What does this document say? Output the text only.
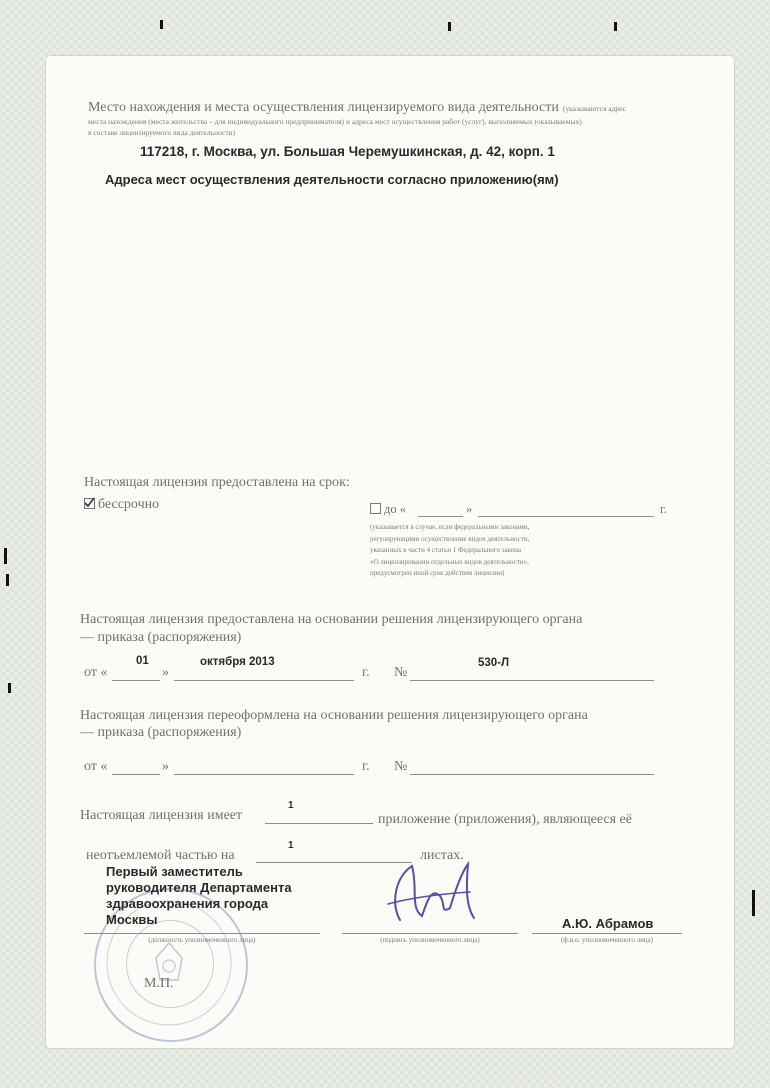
Место нахождения и места осуществления лицензируемого вида деятельности (указываются адрес
места нахождения (места жительства – для индивидуального предпринимателя) и адреса мест осуществления работ (услуг), выполняемых (оказываемых)
в составе лицензируемого вида деятельности)
117218, г. Москва, ул. Большая Черемушкинская, д. 42, корп. 1
Адреса мест осуществления деятельности согласно приложению(ям)
Настоящая лицензия предоставлена на срок:
бессрочно	до «	»	г.
(указывается в случае, если федеральными законами,
регулирующими осуществление видов деятельности,
указанных в части 4 статьи 1 Федерального закона
«О лицензировании отдельных видов деятельности»,
предусмотрен иной срок действия лицензии)
Настоящая лицензия предоставлена на основании решения лицензирующего органа
— приказа (распоряжения)
от «
01
»
октября 2013
г. №
530-Л
Настоящая лицензия переоформлена на основании решения лицензирующего органа
— приказа (распоряжения)
от «	»	г. №
Настоящая лицензия имеет
1
приложение (приложения), являющееся её
неотъемлемой частью на
1
листах.
Первый заместитель
руководителя Департамента
здравоохранения города
Москвы	А.Ю. Абрамов
(должность уполномоченного лица)	(подпись уполномоченного лица)	(ф.и.о. уполномоченного лица)
М.П.
